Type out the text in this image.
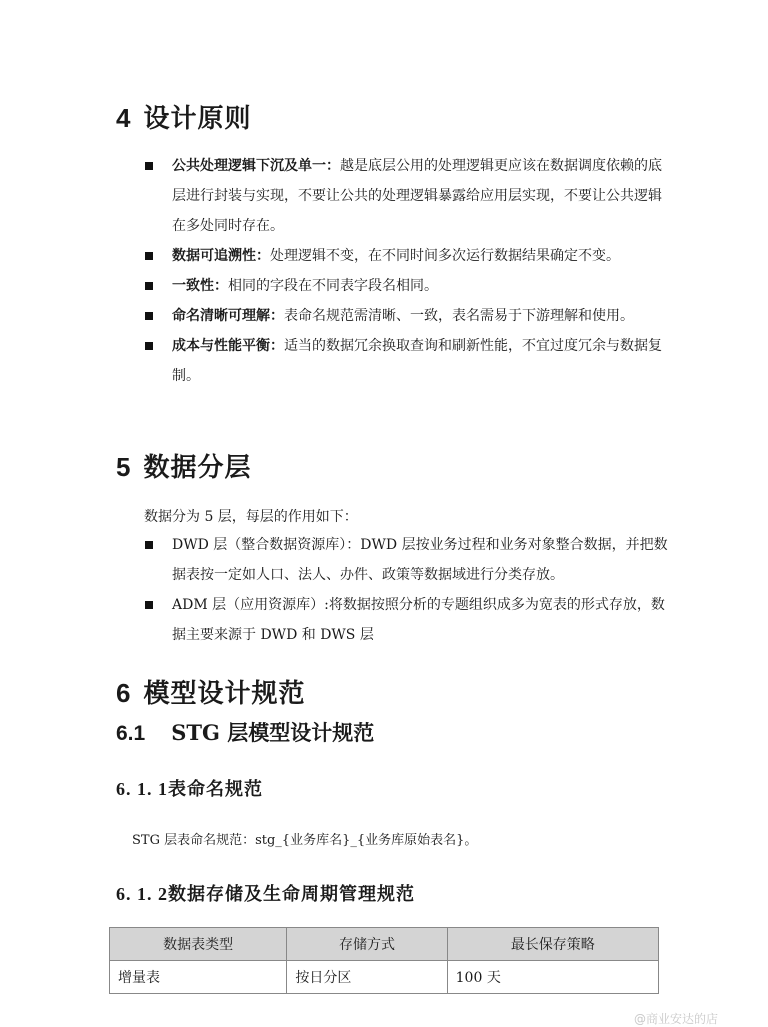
4 设计原则
公共处理逻辑下沉及单一：越是底层公用的处理逻辑更应该在数据调度依赖的底层进行封装与实现，不要让公共的处理逻辑暴露给应用层实现，不要让公共逻辑在多处同时存在。
数据可追溯性：处理逻辑不变，在不同时间多次运行数据结果确定不变。
一致性：相同的字段在不同表字段名相同。
命名清晰可理解：表命名规范需清晰、一致，表名需易于下游理解和使用。
成本与性能平衡：适当的数据冗余换取查询和刷新性能，不宜过度冗余与数据复制。
5 数据分层
数据分为 5 层，每层的作用如下：
DWD 层（整合数据资源库）：DWD 层按业务过程和业务对象整合数据，并把数据表按一定如人口、法人、办件、政策等数据域进行分类存放。
ADM 层（应用资源库）:将数据按照分析的专题组织成多为宽表的形式存放，数据主要来源于 DWD 和 DWS 层
6 模型设计规范
6.1 STG 层模型设计规范
6. 1. 1表命名规范
STG 层表命名规范：stg_{业务库名}_{业务库原始表名}。
6. 1. 2数据存储及生命周期管理规范
数据表类型	存储方式	最长保存策略
增量表	按日分区	100 天
@商业安达的店
